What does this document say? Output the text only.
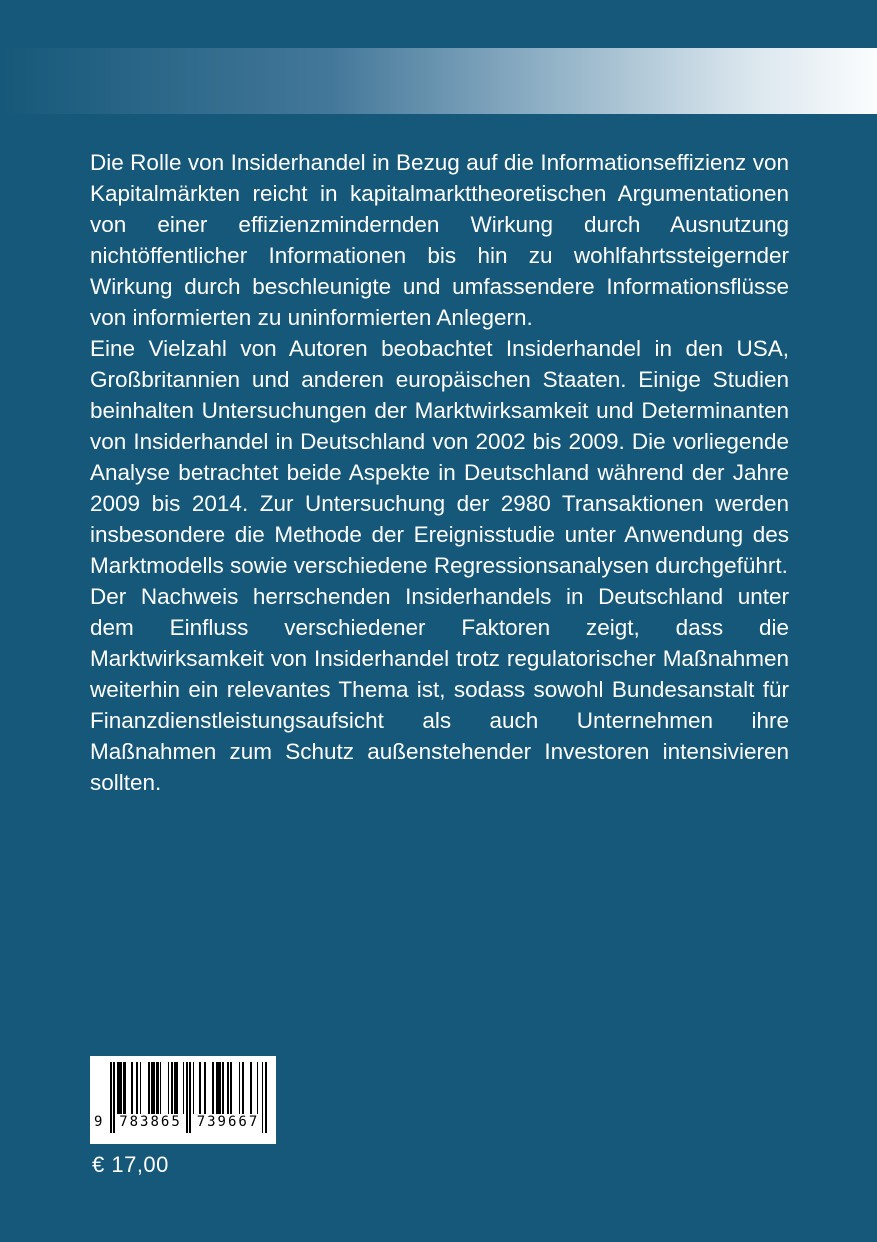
Die Rolle von Insiderhandel in Bezug auf die Informationseffizienz von Kapitalmärkten reicht in kapitalmarkttheoretischen Argumentationen von einer effizienzmindernden Wirkung durch Ausnutzung nichtöffentlicher Informationen bis hin zu wohlfahrtssteigernder Wirkung durch beschleunigte und umfassendere Informationsflüsse von informierten zu uninformierten Anlegern.

Eine Vielzahl von Autoren beobachtet Insiderhandel in den USA, Großbritannien und anderen europäischen Staaten. Einige Studien beinhalten Untersuchungen der Marktwirksamkeit und Determinanten von Insiderhandel in Deutschland von 2002 bis 2009. Die vorliegende Analyse betrachtet beide Aspekte in Deutschland während der Jahre 2009 bis 2014. Zur Untersuchung der 2980 Transaktionen werden insbesondere die Methode der Ereignisstudie unter Anwendung des Marktmodells sowie verschiedene Regressionsanalysen durchgeführt.

Der Nachweis herrschenden Insiderhandels in Deutschland unter dem Einfluss verschiedener Faktoren zeigt, dass die Marktwirksamkeit von Insiderhandel trotz regulatorischer Maßnahmen weiterhin ein relevantes Thema ist, sodass sowohl Bundesanstalt für Finanzdienstleistungsaufsicht als auch Unternehmen ihre Maßnahmen zum Schutz außenstehender Investoren intensivieren sollten.

9	783865	739667
€ 17,00
